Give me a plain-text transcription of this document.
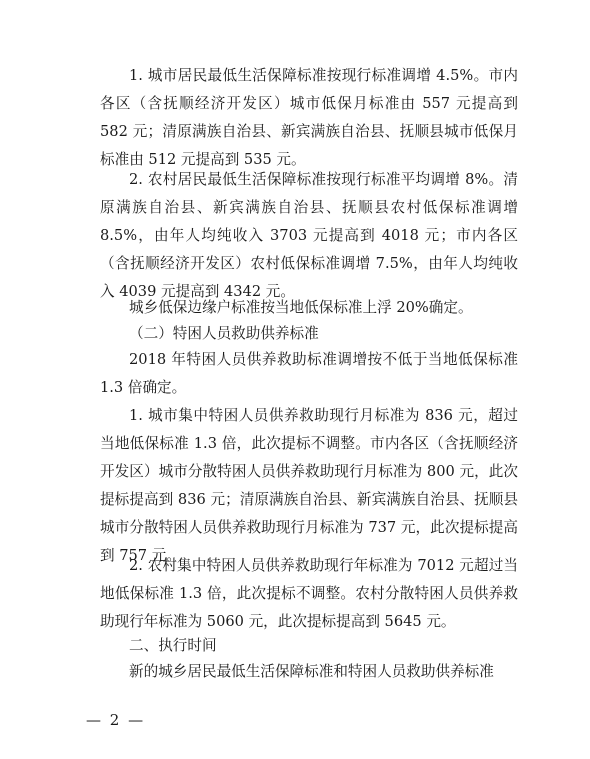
1. 城市居民最低生活保障标准按现行标准调增 4.5%。市内各区（含抚顺经济开发区）城市低保月标准由 557 元提高到 582 元；清原满族自治县、新宾满族自治县、抚顺县城市低保月标准由 512 元提高到 535 元。

2. 农村居民最低生活保障标准按现行标准平均调增 8%。清原满族自治县、新宾满族自治县、抚顺县农村低保标准调增 8.5%，由年人均纯收入 3703 元提高到 4018 元；市内各区（含抚顺经济开发区）农村低保标准调增 7.5%，由年人均纯收入 4039 元提高到 4342 元。

城乡低保边缘户标准按当地低保标准上浮 20%确定。

（二）特困人员救助供养标准

2018 年特困人员供养救助标准调增按不低于当地低保标准 1.3 倍确定。

1. 城市集中特困人员供养救助现行月标准为 836 元，超过当地低保标准 1.3 倍，此次提标不调整。市内各区（含抚顺经济开发区）城市分散特困人员供养救助现行月标准为 800 元，此次提标提高到 836 元；清原满族自治县、新宾满族自治县、抚顺县城市分散特困人员供养救助现行月标准为 737 元，此次提标提高到 757 元。

2. 农村集中特困人员供养救助现行年标准为 7012 元超过当地低保标准 1.3 倍，此次提标不调整。农村分散特困人员供养救助现行年标准为 5060 元，此次提标提高到 5645 元。

二、执行时间

新的城乡居民最低生活保障标准和特困人员救助供养标准

— 2 —
